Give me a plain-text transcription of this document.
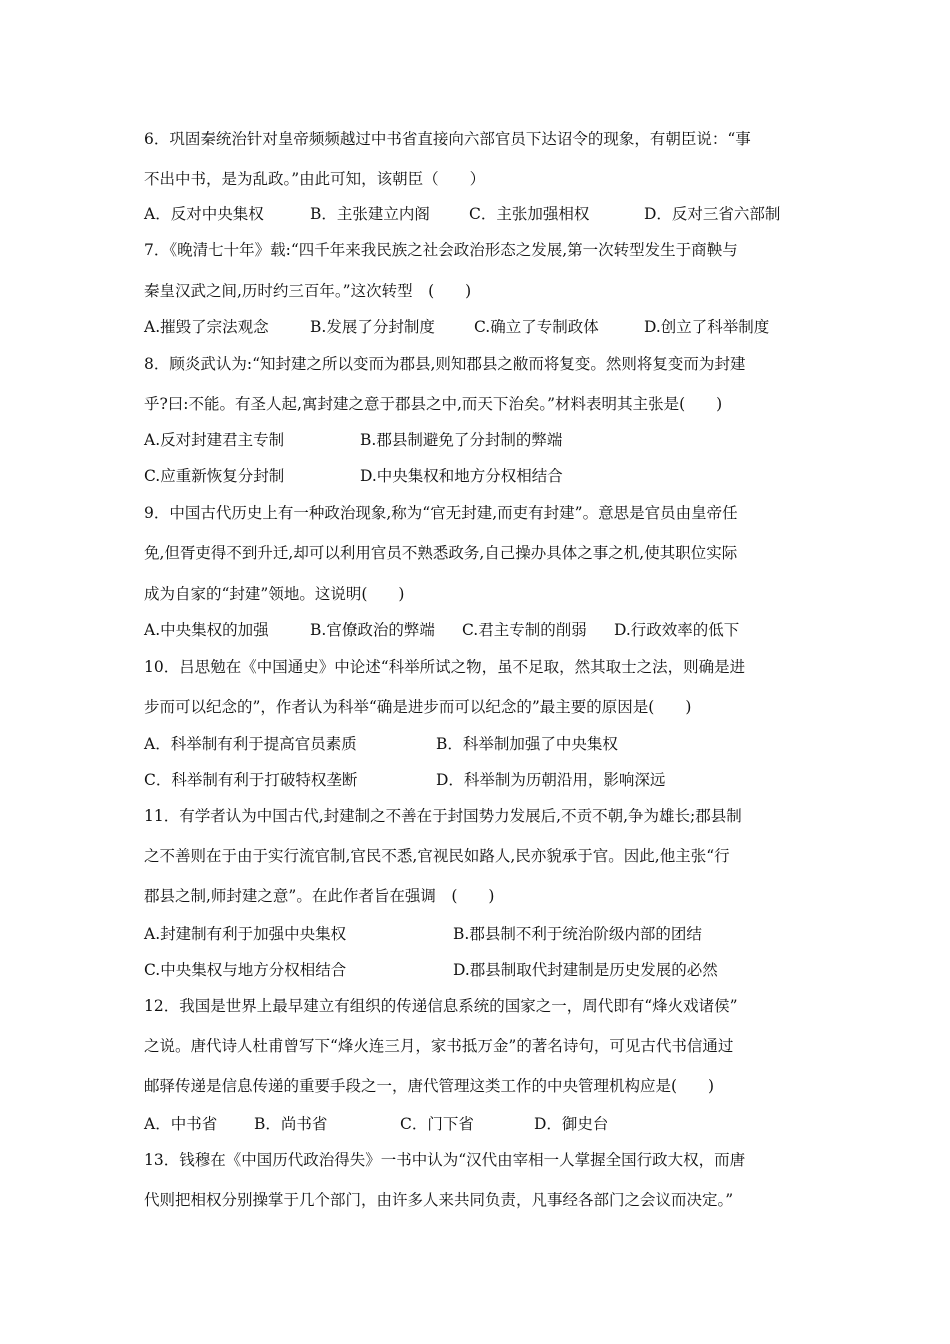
6．巩固秦统治针对皇帝频频越过中书省直接向六部官员下达诏令的现象，有朝臣说：“事
不出中书，是为乱政。”由此可知，该朝臣（　　）
A．反对中央集权	B．主张建立内阁	C．主张加强相权	D．反对三省六部制
7．《晚清七十年》载:“四千年来我民族之社会政治形态之发展,第一次转型发生于商鞅与
秦皇汉武之间,历时约三百年。”这次转型　(　　)
A.摧毁了宗法观念	B.发展了分封制度	C.确立了专制政体	D.创立了科举制度
8．顾炎武认为:“知封建之所以变而为郡县,则知郡县之敝而将复变。然则将复变而为封建
乎?曰:不能。有圣人起,寓封建之意于郡县之中,而天下治矣。”材料表明其主张是(　　)
A.反对封建君主专制	B.郡县制避免了分封制的弊端
C.应重新恢复分封制	D.中央集权和地方分权相结合
9．中国古代历史上有一种政治现象,称为“官无封建,而吏有封建”。意思是官员由皇帝任
免,但胥吏得不到升迁,却可以利用官员不熟悉政务,自己操办具体之事之机,使其职位实际
成为自家的“封建”领地。这说明(　　)
A.中央集权的加强	B.官僚政治的弊端 C.君主专制的削弱 D.行政效率的低下
10．吕思勉在《中国通史》中论述“科举所试之物，虽不足取，然其取士之法，则确是进
步而可以纪念的”，作者认为科举“确是进步而可以纪念的”最主要的原因是(　　)
A．科举制有利于提高官员素质	B．科举制加强了中央集权
C．科举制有利于打破特权垄断	D．科举制为历朝沿用，影响深远
11．有学者认为中国古代,封建制之不善在于封国势力发展后,不贡不朝,争为雄长;郡县制
之不善则在于由于实行流官制,官民不悉,官视民如路人,民亦貌承于官。因此,他主张“行
郡县之制,师封建之意”。在此作者旨在强调　(　　)
A.封建制有利于加强中央集权	B.郡县制不利于统治阶级内部的团结
C.中央集权与地方分权相结合	D.郡县制取代封建制是历史发展的必然
12．我国是世界上最早建立有组织的传递信息系统的国家之一，周代即有“烽火戏诸侯”
之说。唐代诗人杜甫曾写下“烽火连三月，家书抵万金”的著名诗句，可见古代书信通过
邮驿传递是信息传递的重要手段之一，唐代管理这类工作的中央管理机构应是(　　)
A．中书省 B．尚书省	C．门下省	D．御史台
13．钱穆在《中国历代政治得失》一书中认为“汉代由宰相一人掌握全国行政大权，而唐
代则把相权分别操掌于几个部门，由许多人来共同负责，凡事经各部门之会议而决定。”
